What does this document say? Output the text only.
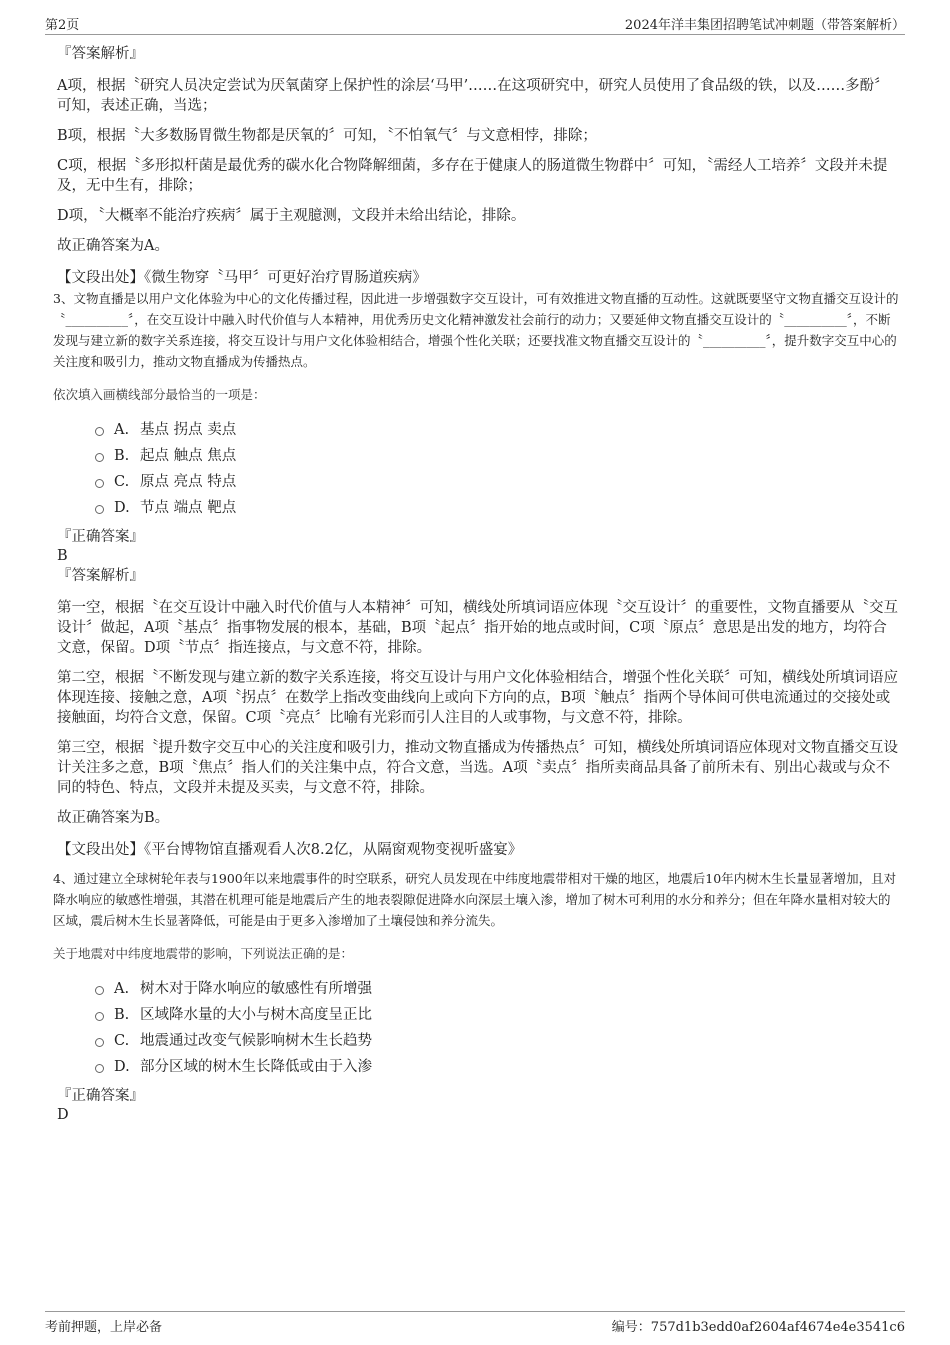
第2页	2024年洋丰集团招聘笔试冲刺题（带答案解析）

『答案解析』

A项，根据〝研究人员决定尝试为厌氧菌穿上保护性的涂层‘马甲’……在这项研究中，研究人员使用了食品级的铁，以及……多酚〞可知，表述正确，当选；

B项，根据〝大多数肠胃微生物都是厌氧的〞可知，〝不怕氧气〞与文意相悖，排除；

C项，根据〝多形拟杆菌是最优秀的碳水化合物降解细菌，多存在于健康人的肠道微生物群中〞可知，〝需经人工培养〞文段并未提及，无中生有，排除；

D项，〝大概率不能治疗疾病〞属于主观臆测，文段并未给出结论，排除。

故正确答案为A。

【文段出处】《微生物穿〝马甲〞可更好治疗胃肠道疾病》

3、文物直播是以用户文化体验为中心的文化传播过程，因此进一步增强数字交互设计，可有效推进文物直播的互动性。这就既要坚守文物直播交互设计的〝__________〞，在交互设计中融入时代价值与人本精神，用优秀历史文化精神激发社会前行的动力；又要延伸文物直播交互设计的〝__________〞，不断发现与建立新的数字关系连接，将交互设计与用户文化体验相结合，增强个性化关联；还要找准文物直播交互设计的〝__________〞，提升数字交互中心的关注度和吸引力，推动文物直播成为传播热点。

依次填入画横线部分最恰当的一项是：

A. 基点 拐点 卖点
B. 起点 触点 焦点
C. 原点 亮点 特点
D. 节点 端点 靶点

『正确答案』

B

『答案解析』

第一空，根据〝在交互设计中融入时代价值与人本精神〞可知，横线处所填词语应体现〝交互设计〞的重要性，文物直播要从〝交互设计〞做起，A项〝基点〞指事物发展的根本，基础，B项〝起点〞指开始的地点或时间，C项〝原点〞意思是出发的地方，均符合文意，保留。D项〝节点〞指连接点，与文意不符，排除。

第二空，根据〝不断发现与建立新的数字关系连接，将交互设计与用户文化体验相结合，增强个性化关联〞可知，横线处所填词语应体现连接、接触之意，A项〝拐点〞在数学上指改变曲线向上或向下方向的点，B项〝触点〞指两个导体间可供电流通过的交接处或接触面，均符合文意，保留。C项〝亮点〞比喻有光彩而引人注目的人或事物，与文意不符，排除。

第三空，根据〝提升数字交互中心的关注度和吸引力，推动文物直播成为传播热点〞可知，横线处所填词语应体现对文物直播交互设计关注多之意，B项〝焦点〞指人们的关注集中点，符合文意，当选。A项〝卖点〞指所卖商品具备了前所未有、别出心裁或与众不同的特色、特点，文段并未提及买卖，与文意不符，排除。

故正确答案为B。

【文段出处】《平台博物馆直播观看人次8.2亿，从隔窗观物变视听盛宴》

4、通过建立全球树轮年表与1900年以来地震事件的时空联系，研究人员发现在中纬度地震带相对干燥的地区，地震后10年内树木生长量显著增加，且对降水响应的敏感性增强，其潜在机理可能是地震后产生的地表裂隙促进降水向深层土壤入渗，增加了树木可利用的水分和养分；但在年降水量相对较大的区域，震后树木生长显著降低，可能是由于更多入渗增加了土壤侵蚀和养分流失。

关于地震对中纬度地震带的影响，下列说法正确的是：

A. 树木对于降水响应的敏感性有所增强
B. 区域降水量的大小与树木高度呈正比
C. 地震通过改变气候影响树木生长趋势
D. 部分区域的树木生长降低或由于入渗

『正确答案』

D

考前押题，上岸必备	编号：757d1b3edd0af2604af4674e4e3541c6
